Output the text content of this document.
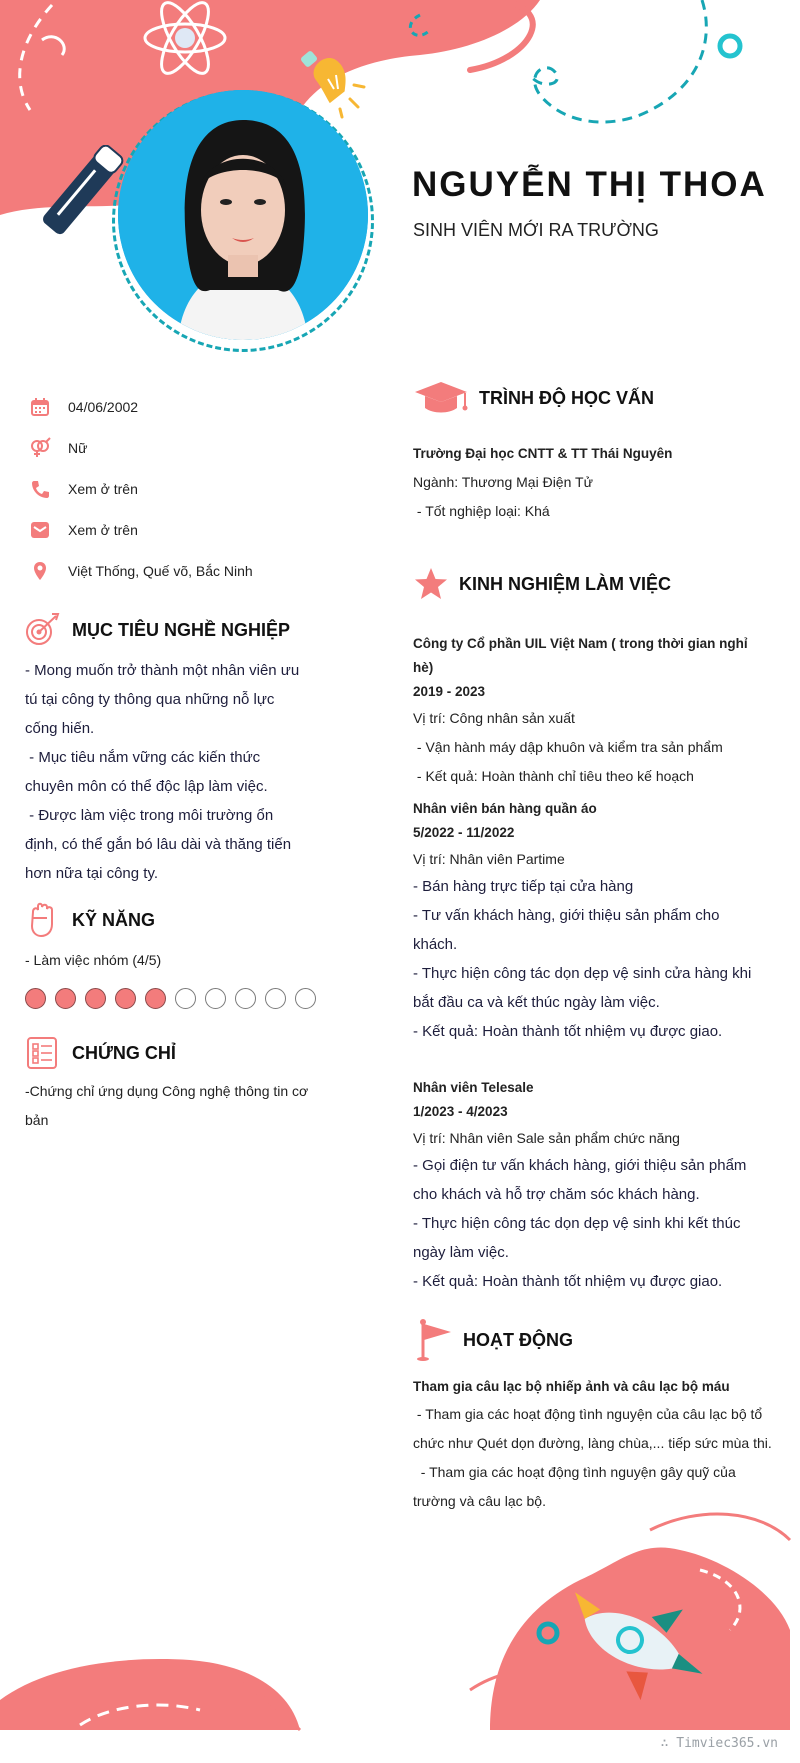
NGUYỄN THỊ THOA
SINH VIÊN MỚI RA TRƯỜNG
04/06/2002
Nữ
Xem ở trên
Xem ở trên
Việt Thống, Quế võ, Bắc Ninh
MỤC TIÊU NGHỀ NGHIỆP
- Mong muốn trở thành một nhân viên ưu
tú tại công ty thông qua những nỗ lực
cống hiến.
- Mục tiêu nắm vững các kiến thức
chuyên môn có thể độc lập làm việc.
- Được làm việc trong môi trường ổn
định, có thể gắn bó lâu dài và thăng tiến
hơn nữa tại công ty.
KỸ NĂNG
- Làm việc nhóm (4/5)
CHỨNG CHỈ
-Chứng chỉ ứng dụng Công nghệ thông tin cơ
bản
TRÌNH ĐỘ HỌC VẤN
Trường Đại học CNTT & TT Thái Nguyên
Ngành: Thương Mại Điện Tử
- Tốt nghiệp loại: Khá
KINH NGHIỆM LÀM VIỆC
Công ty Cổ phần UIL Việt Nam ( trong thời gian nghỉ hè)
2019 - 2023
Vị trí: Công nhân sản xuất
- Vận hành máy dập khuôn và kiểm tra sản phẩm
- Kết quả: Hoàn thành chỉ tiêu theo kế hoạch
Nhân viên bán hàng quần áo
5/2022 - 11/2022
Vị trí: Nhân viên Partime
- Bán hàng trực tiếp tại cửa hàng
- Tư vấn khách hàng, giới thiệu sản phẩm cho
khách.
- Thực hiện công tác dọn dẹp vệ sinh cửa hàng khi
bắt đầu ca và kết thúc ngày làm việc.
- Kết quả: Hoàn thành tốt nhiệm vụ được giao.
Nhân viên Telesale
1/2023 - 4/2023
Vị trí: Nhân viên Sale sản phẩm chức năng
- Gọi điện tư vấn khách hàng, giới thiệu sản phẩm
cho khách và hỗ trợ chăm sóc khách hàng.
- Thực hiện công tác dọn dẹp vệ sinh khi kết thúc
ngày làm việc.
- Kết quả: Hoàn thành tốt nhiệm vụ được giao.
HOẠT ĐỘNG
Tham gia câu lạc bộ nhiếp ảnh và câu lạc bộ máu
- Tham gia các hoạt động tình nguyện của câu lạc bộ tổ
chức như Quét dọn đường, làng chùa,... tiếp sức mùa thi.
- Tham gia các hoạt động tình nguyện gây quỹ của
trường và câu lạc bộ.
∴ Timviec365.vn
